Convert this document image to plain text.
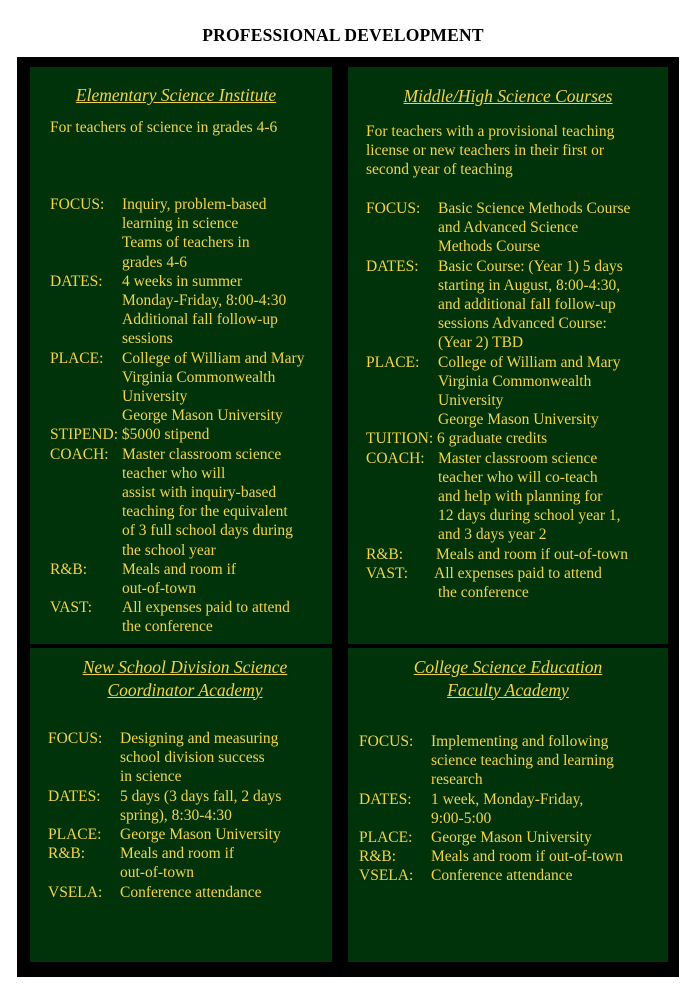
PROFESSIONAL DEVELOPMENT
Elementary Science Institute
For teachers of science in grades 4-6
FOCUS:	Inquiry, problem-based
learning in science
Teams of teachers in
grades 4-6
DATES:	4 weeks in summer
Monday-Friday, 8:00-4:30
Additional fall follow-up
sessions
PLACE:	College of William and Mary
Virginia Commonwealth
University
George Mason University
STIPEND:
$5000 stipend
COACH: Master classroom science
teacher who will
assist with inquiry-based
teaching for the equivalent
of 3 full school days during
the school year
R&B:	Meals and room if
out-of-town
VAST:	All expenses paid to attend
the conference
Middle/High Science Courses
For teachers with a provisional teaching
license or new teachers in their first or
second year of teaching
FOCUS:	Basic Science Methods Course
and Advanced Science
Methods Course
DATES:	Basic Course: (Year 1) 5 days
starting in August, 8:00-4:30,
and additional fall follow-up
sessions Advanced Course:
(Year 2) TBD
PLACE:	College of William and Mary
Virginia Commonwealth
University
George Mason University
TUITION:
6 graduate credits
COACH: Master classroom science
teacher who will co-teach
and help with planning for
12 days during school year 1,
and 3 days year 2
R&B:	Meals and room if out-of-town
VAST:	All expenses paid to attend
the conference
New School Division Science
Coordinator Academy
FOCUS:	Designing and measuring
school division success
in science
DATES:	5 days (3 days fall, 2 days
spring), 8:30-4:30
PLACE:	George Mason University
R&B:	Meals and room if
out-of-town
VSELA:	Conference attendance
College Science Education
Faculty Academy
FOCUS:	Implementing and following
science teaching and learning
research
DATES:	1 week, Monday-Friday,
9:00-5:00
PLACE:	George Mason University
R&B:	Meals and room if out-of-town
VSELA:	Conference attendance
